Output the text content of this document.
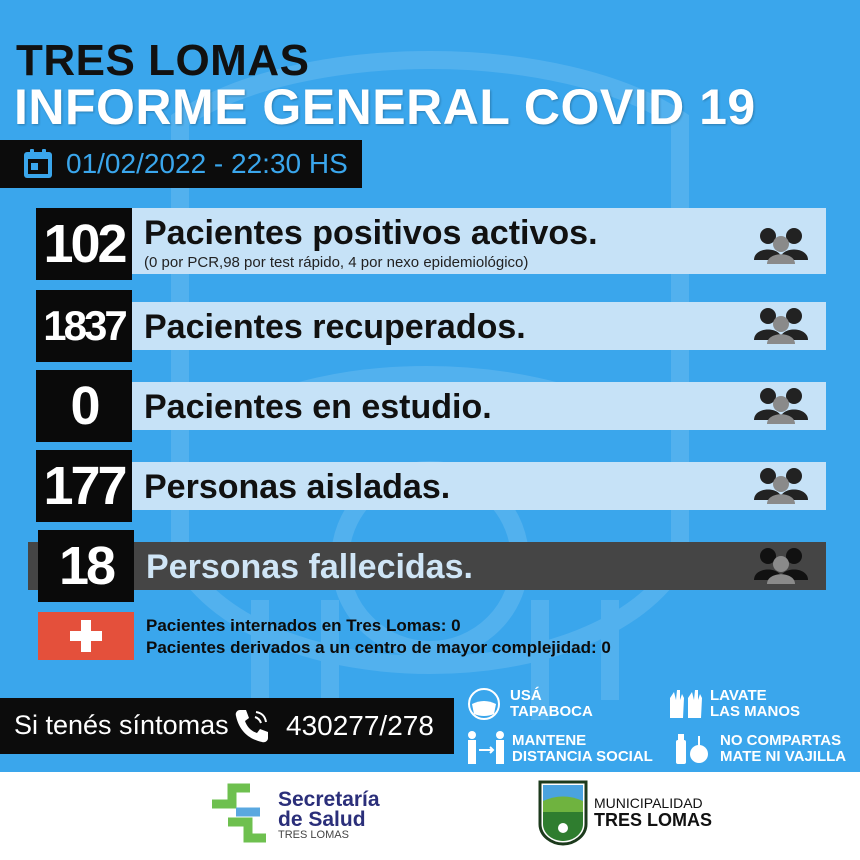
TRES LOMAS
INFORME GENERAL COVID 19
01/02/2022 - 22:30 HS
102 Pacientes positivos activos.
(0 por PCR,98 por test rápido, 4 por nexo epidemiológico)
1837 Pacientes recuperados.
0	Pacientes en estudio.
177 Personas aisladas.
18 Personas fallecidas.
Pacientes internados en Tres Lomas: 0
Pacientes derivados a un centro de mayor complejidad: 0
Si tenés síntomas 430277/278
USÁ
TAPABOCA
LAVATE
LAS MANOS
MANTENE
DISTANCIA SOCIAL
NO COMPARTAS
MATE NI VAJILLA
Secretaría
de Salud
TRES LOMAS
MUNICIPALIDAD
TRES LOMAS
